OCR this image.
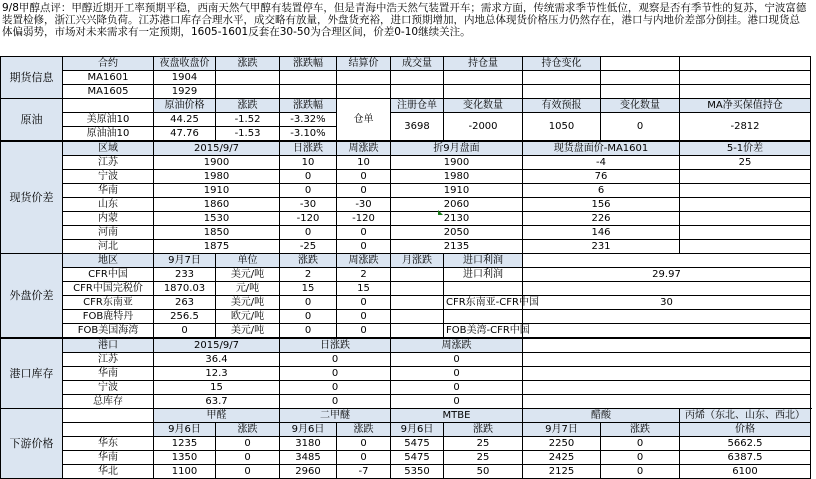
9/8甲醇点评：甲醇近期开工率预期平稳，西南天然气甲醇有装置停车，但是青海中浩天然气装置开车；需求方面，传统需求季节性低位，观察是否有季节性的复苏，宁波富德装置检修，浙江兴兴降负荷。江苏港口库存合理水平，成交略有放量，外盘货充裕，进口预期增加，内地总体现货价格压力仍然存在，港口与内地价差部分倒挂。港口现货总体偏弱势，市场对未来需求有一定预期，1605-1601反套在30-50为合理区间，价差0-10继续关注。
期货信息	合约	夜盘收盘价	涨跌	涨跌幅	结算价	成交量	持仓量	持仓变化		
	MA1601	1904								
	MA1605	1929								
原油		原油价格	涨跌	涨跌幅	仓单	注册仓单	变化数量	有效预报	变化数量	MA净买保值持仓	
	美原油10	44.25	-1.52	-3.32%		3698	-2000	1050	0	-2812	
	原油油10	47.76	-1.53	-3.10%							
现货价差	区域	2015/9/7	日涨跌	周涨跌	折9月盘面	现货盘面价-MA1601	5-1价差
	江苏	1900	10	10	1900	-4	25
	宁波	1980	0	0	1980	76	
	华南	1910	0	0	1910	6	
	山东	1860	-30	-30	2060	156	
	内蒙	1530	-120	-120	2130	226	
	河南	1850	0	0	2050	146	
	河北	1875	-25	0	2135	231	
外盘价差	地区	9月7日	单位	涨跌	周涨跌	月涨跌	进口利润	
	CFR中国	233	美元/吨	2	2		进口利润	29.97
	CFR中国完税价	1870.03	元/吨	15	15			
	CFR东南亚	263	美元/吨	0	0		CFR东南亚-CFR中国	30
	FOB鹿特丹	256.5	欧元/吨	0	0			
	FOB美国海湾	0	美元/吨	0	0		FOB美湾-CFR中国	
港口库存	港口	2015/9/7	日涨跌	周涨跌	
	江苏	36.4	0	0	
	华南	12.3	0	0	
	宁波	15	0	0	
	总库存	63.7	0	0	
下游价格		甲醛		二甲醚		MTBE		醋酸		丙烯（东北、山东、西北）	
		9月6日	涨跌	9月6日	涨跌	9月6日	涨跌	9月7日	涨跌	价格	
	华东	1235	0	3180	0	5475	25	2250	0	5662.5	
	华南	1350	0	3485	0	5475	25	2425	0	6387.5	
	华北	1100	0	2960	-7	5350	50	2125	0	6100	
